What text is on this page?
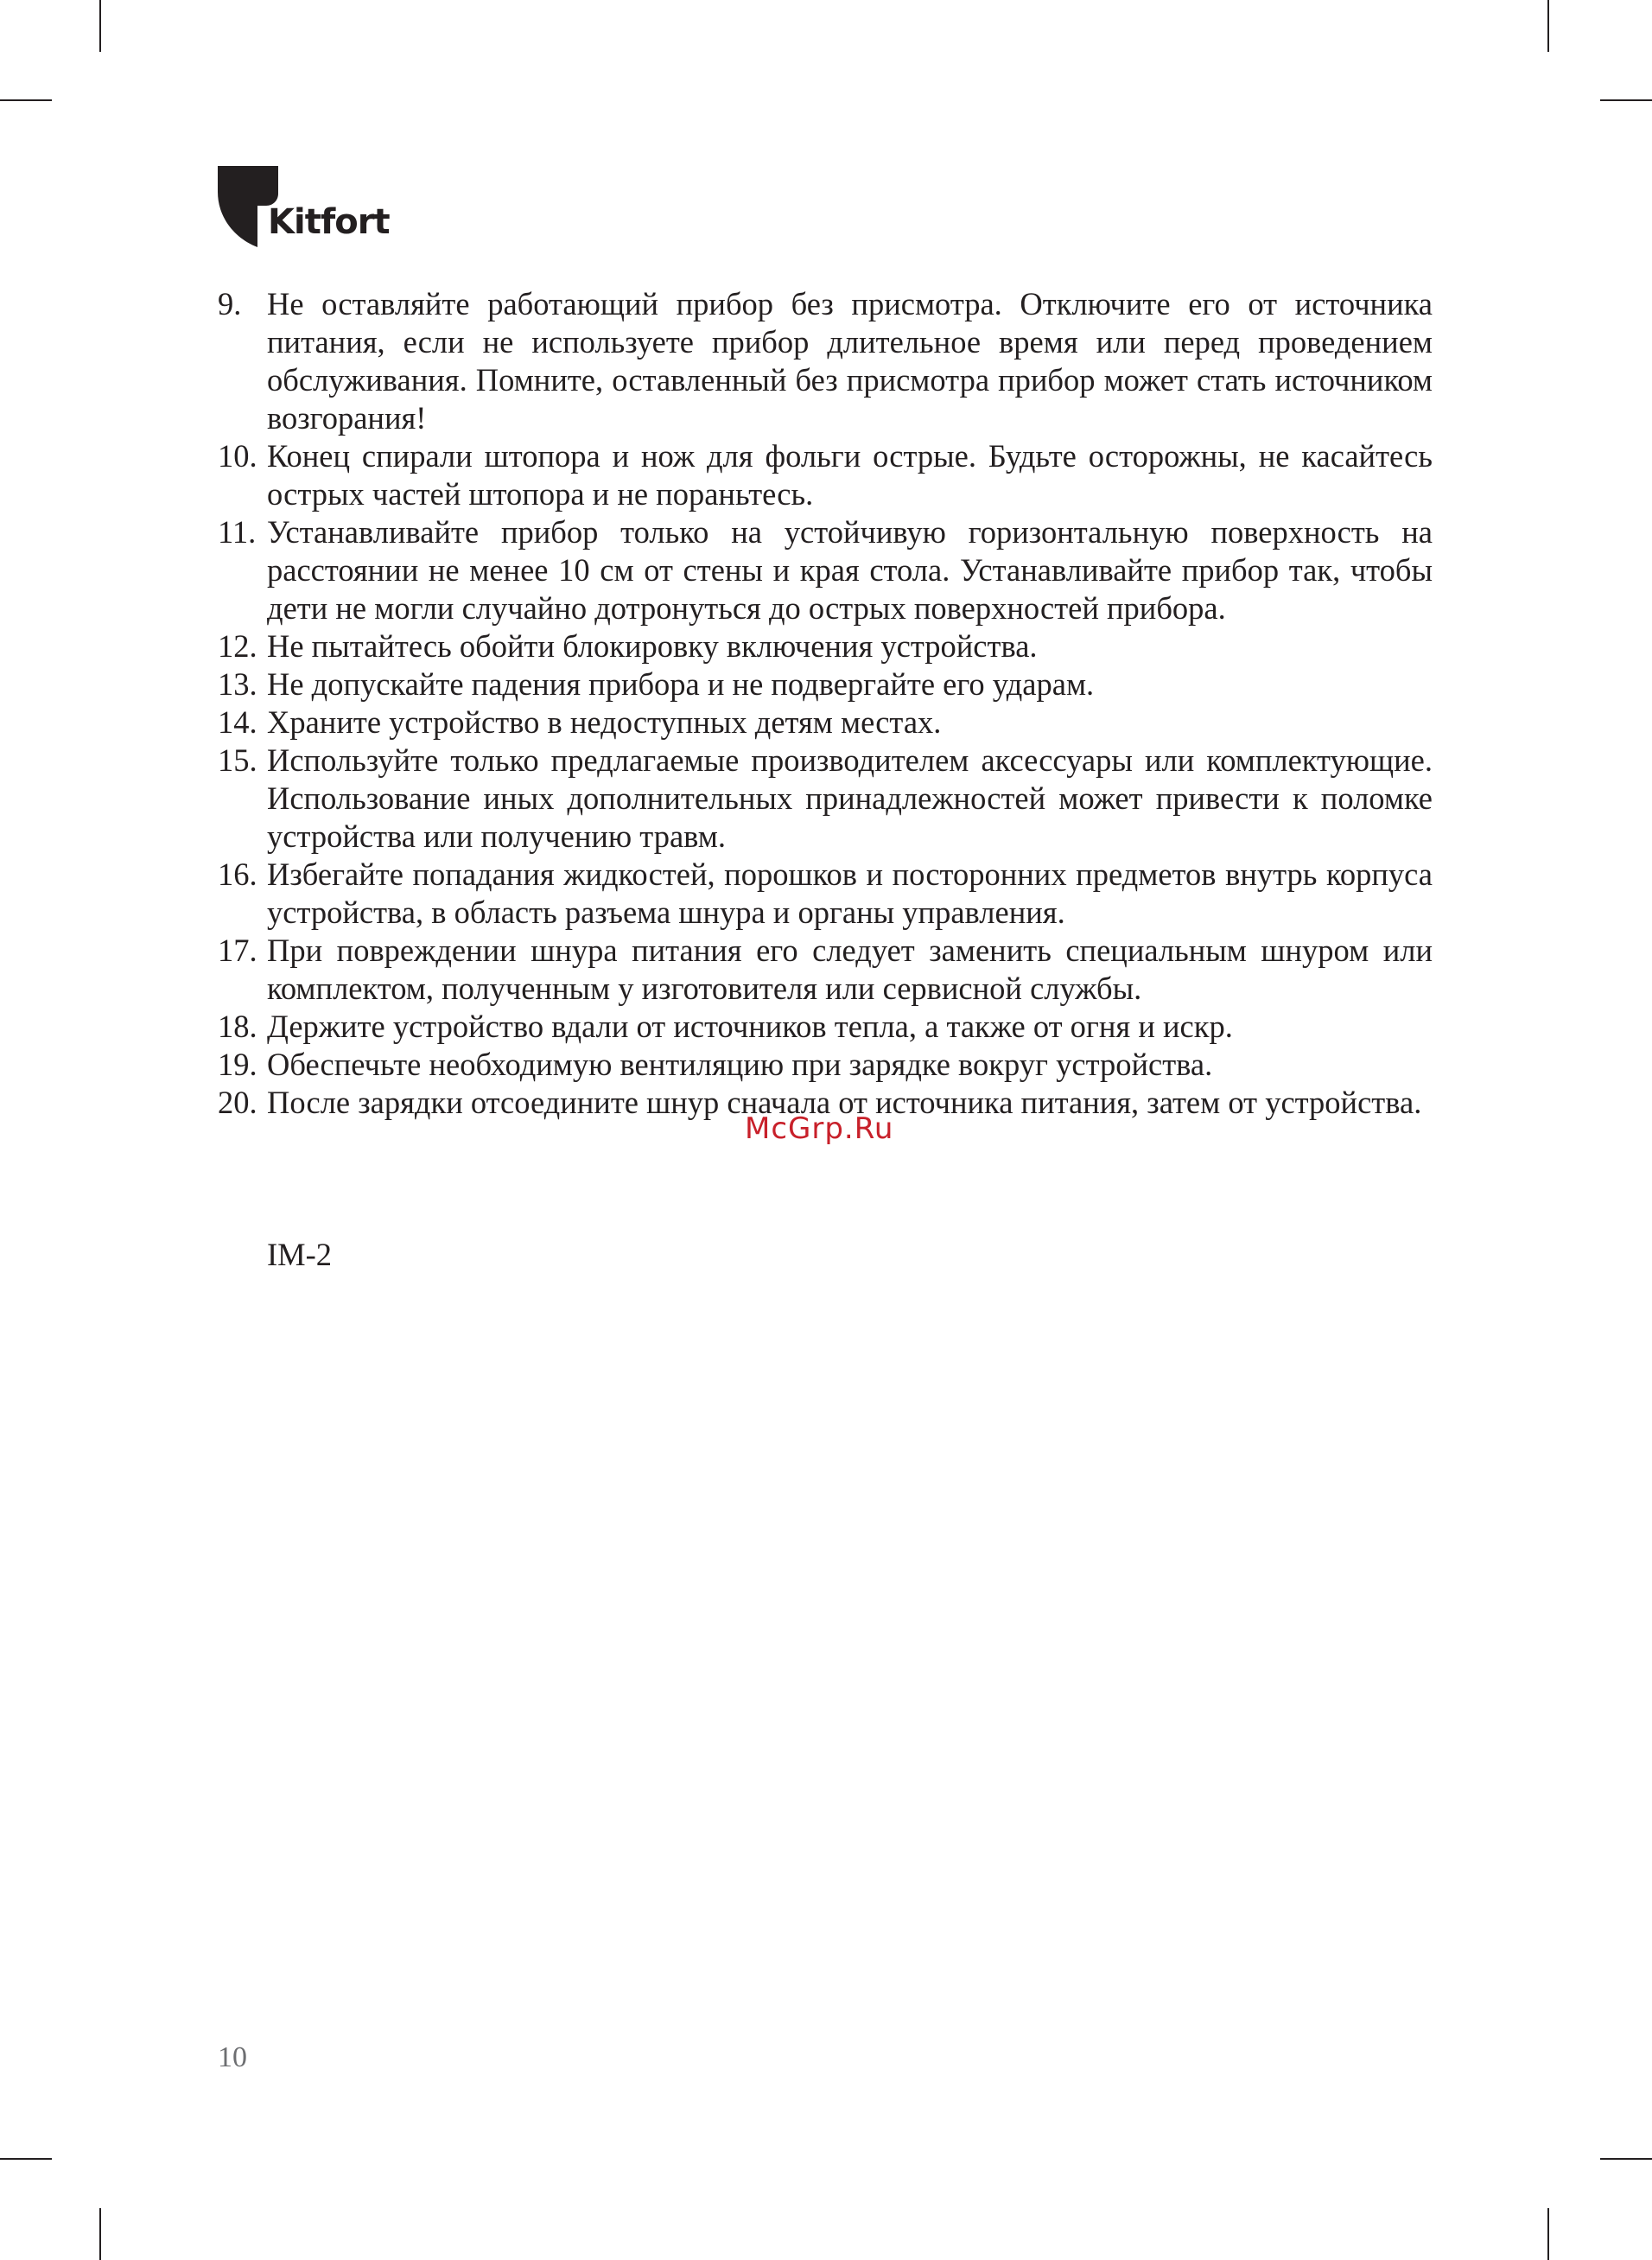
Kitfort
9. Не оставляйте работающий прибор без присмотра. Отключите его от источника питания, если не используете прибор длительное время или перед проведением обслуживания. Помните, оставленный без присмотра прибор может стать источником возгорания!
10. Конец спирали штопора и нож для фольги острые. Будьте осторожны, не касайтесь острых частей штопора и не пораньтесь.
11. Устанавливайте прибор только на устойчивую горизонтальную поверхность на расстоянии не менее 10 см от стены и края стола. Устанавливайте прибор так, чтобы дети не могли случайно дотронуться до острых поверхностей прибора.
12. Не пытайтесь обойти блокировку включения устройства.
13. Не допускайте падения прибора и не подвергайте его ударам.
14. Храните устройство в недоступных детям местах.
15. Используйте только предлагаемые производителем аксессуары или комплектующие. Использование иных дополнительных принадлежностей может привести к поломке устройства или получению травм.
16. Избегайте попадания жидкостей, порошков и посторонних предметов внутрь корпуса устройства, в область разъема шнура и органы управления.
17. При повреждении шнура питания его следует заменить специальным шнуром или комплектом, полученным у изготовителя или сервисной службы.
18. Держите устройство вдали от источников тепла, а также от огня и искр.
19. Обеспечьте необходимую вентиляцию при зарядке вокруг устройства.
20. После зарядки отсоедините шнур сначала от источника питания, затем от устройства.
McGrp.Ru
IM-2
10
